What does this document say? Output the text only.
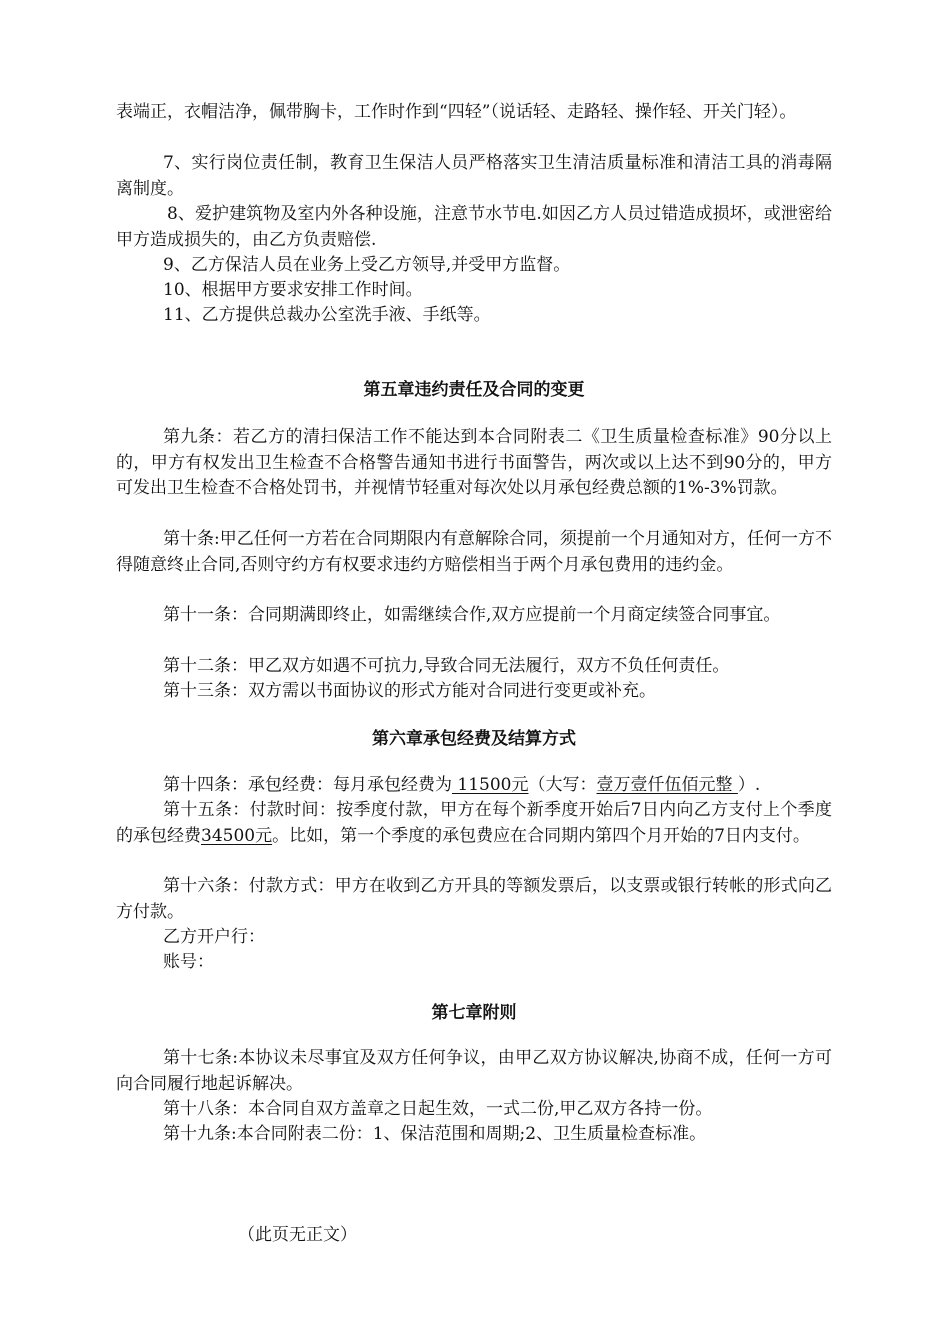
表端正，衣帽洁净，佩带胸卡，工作时作到“四轻”（说话轻、走路轻、操作轻、开关门轻）。

7、实行岗位责任制，教育卫生保洁人员严格落实卫生清洁质量标准和清洁工具的消毒隔离制度。

8、爱护建筑物及室内外各种设施，注意节水节电.如因乙方人员过错造成损坏，或泄密给甲方造成损失的，由乙方负责赔偿.

9、乙方保洁人员在业务上受乙方领导,并受甲方监督。

10、根据甲方要求安排工作时间。

11、乙方提供总裁办公室洗手液、手纸等。

第五章违约责任及合同的变更

第九条：若乙方的清扫保洁工作不能达到本合同附表二《卫生质量检查标准》90分以上的，甲方有权发出卫生检查不合格警告通知书进行书面警告，两次或以上达不到90分的，甲方可发出卫生检查不合格处罚书，并视情节轻重对每次处以月承包经费总额的1%-3%罚款。

第十条:甲乙任何一方若在合同期限内有意解除合同，须提前一个月通知对方，任何一方不得随意终止合同,否则守约方有权要求违约方赔偿相当于两个月承包费用的违约金。

第十一条：合同期满即终止，如需继续合作,双方应提前一个月商定续签合同事宜。

第十二条：甲乙双方如遇不可抗力,导致合同无法履行，双方不负任何责任。

第十三条：双方需以书面协议的形式方能对合同进行变更或补充。

第六章承包经费及结算方式

第十四条：承包经费：每月承包经费为 11500元（大写：壹万壹仟伍佰元整 ）.

第十五条：付款时间：按季度付款，甲方在每个新季度开始后7日内向乙方支付上个季度的承包经费34500元。比如，第一个季度的承包费应在合同期内第四个月开始的7日内支付。

第十六条：付款方式：甲方在收到乙方开具的等额发票后，以支票或银行转帐的形式向乙方付款。

乙方开户行：

账号：

第七章附则

第十七条:本协议未尽事宜及双方任何争议，由甲乙双方协议解决,协商不成，任何一方可向合同履行地起诉解决。

第十八条：本合同自双方盖章之日起生效，一式二份,甲乙双方各持一份。

第十九条:本合同附表二份：1、保洁范围和周期;2、卫生质量检查标准。

（此页无正文）
